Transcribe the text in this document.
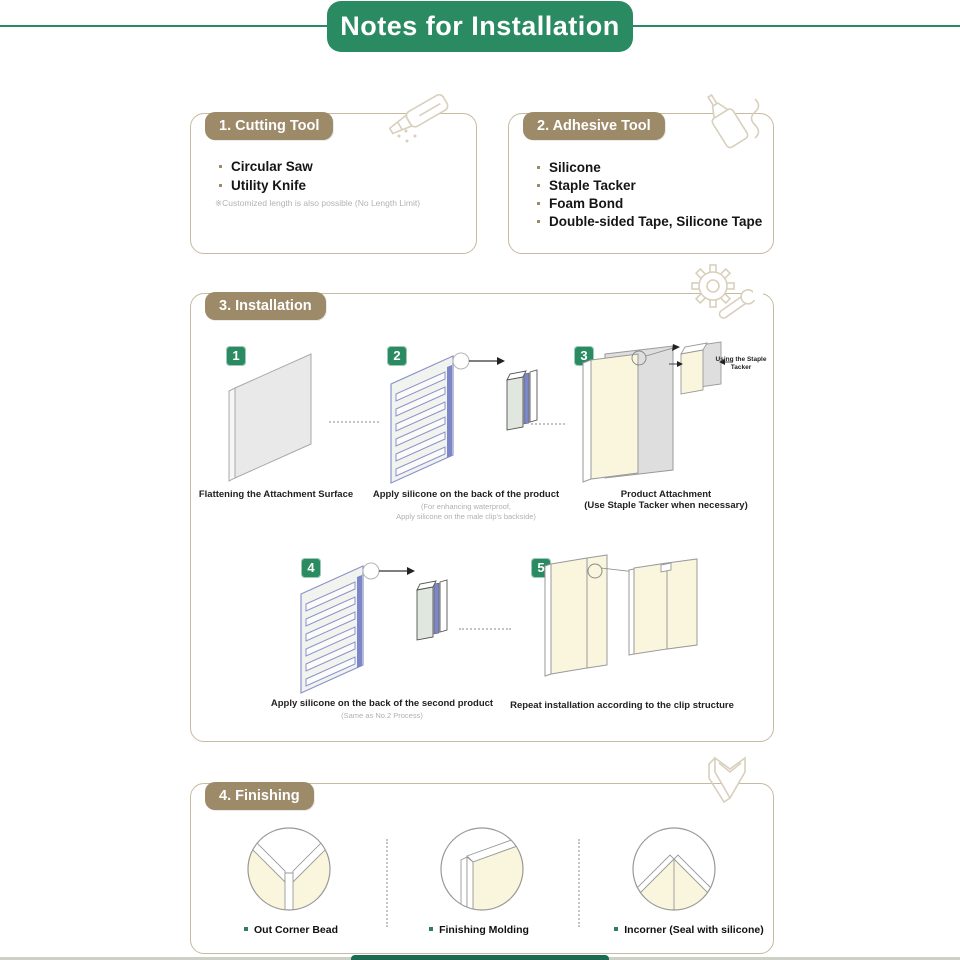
Notes for Installation
1. Cutting Tool
Circular Saw
Utility Knife
※Customized length is also possible (No Length Limit)
2. Adhesive Tool
Silicone
Staple Tacker
Foam Bond
Double-sided Tape, Silicone Tape
3. Installation
1	2	3	Using the Staple Tacker
Flattening the Attachment Surface	Apply silicone on the back of the product
(For enhancing waterproof,
Apply silicone on the male clip's backside)
Product Attachment
(Use Staple Tacker when necessary)
4	5
Apply silicone on the back of the second product
(Same as No.2 Process)
Repeat installation according to the clip structure
4. Finishing
Out Corner Bead	Finishing Molding	Incorner (Seal with silicone)
